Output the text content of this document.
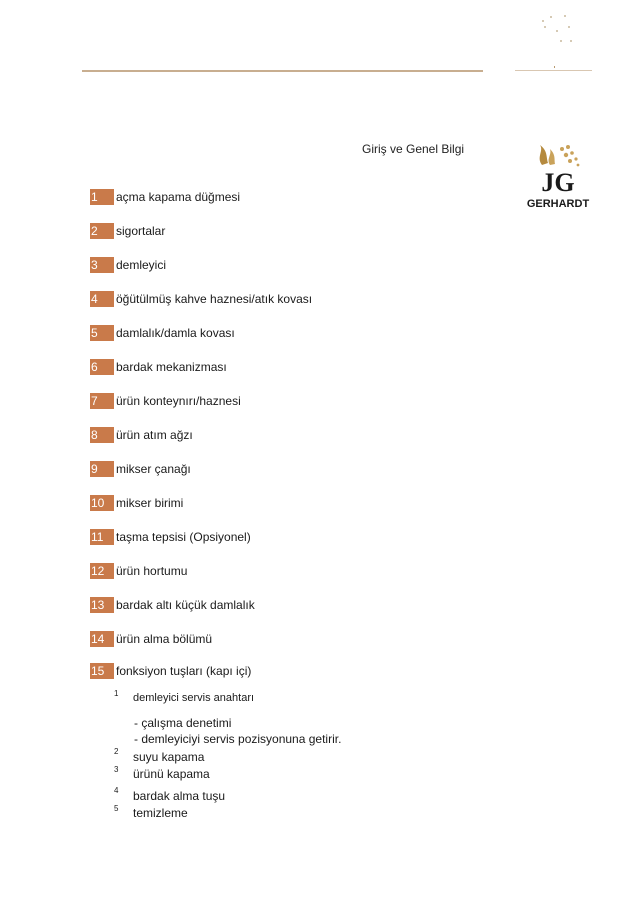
Giriş ve Genel Bilgi
JG
GERHARDT
1	açma kapama düğmesi
2	sigortalar
3	demleyici
4	öğütülmüş kahve haznesi/atık kovası
5	damlalık/damla kovası
6	bardak mekanizması
7	ürün konteynırı/haznesi
8	ürün atım ağzı
9	mikser çanağı
10 mikser birimi
11	taşma tepsisi (Opsiyonel)
12 ürün hortumu
13 bardak altı küçük damlalık
14 ürün alma bölümü
15 fonksiyon tuşları (kapı içi)
1 demleyici servis anahtarı
- çalışma denetimi
- demleyiciyi servis pozisyonuna getirir.
2 suyu kapama
3 ürünü kapama
4 bardak alma tuşu
5 temizleme
